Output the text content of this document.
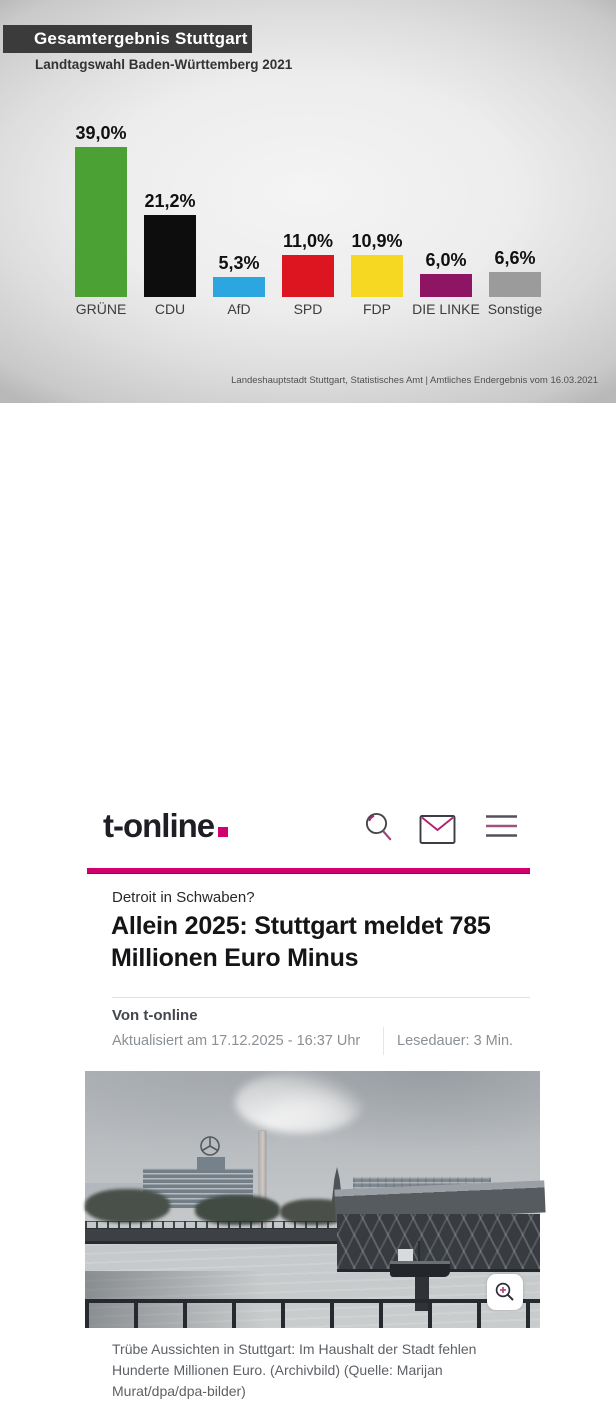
Gesamtergebnis Stuttgart
Landtagswahl Baden-Württemberg 2021
39,0%
21,2%
5,3%
11,0% 10,9%
6,0% 6,6%
GRÜNE	CDU	AfD	SPD	FDP	DIE LINKE Sonstige
Landeshauptstadt Stuttgart, Statistisches Amt | Amtliches Endergebnis vom 16.03.2021
t-online
Detroit in Schwaben?
Allein 2025: Stuttgart meldet 785 Millionen Euro Minus
Von t-online
Aktualisiert am 17.12.2025 - 16:37 Uhr	Lesedauer: 3 Min.
Trübe Aussichten in Stuttgart: Im Haushalt der Stadt fehlen Hunderte Millionen Euro. (Archivbild) (Quelle: Marijan Murat/dpa/dpa-bilder)
